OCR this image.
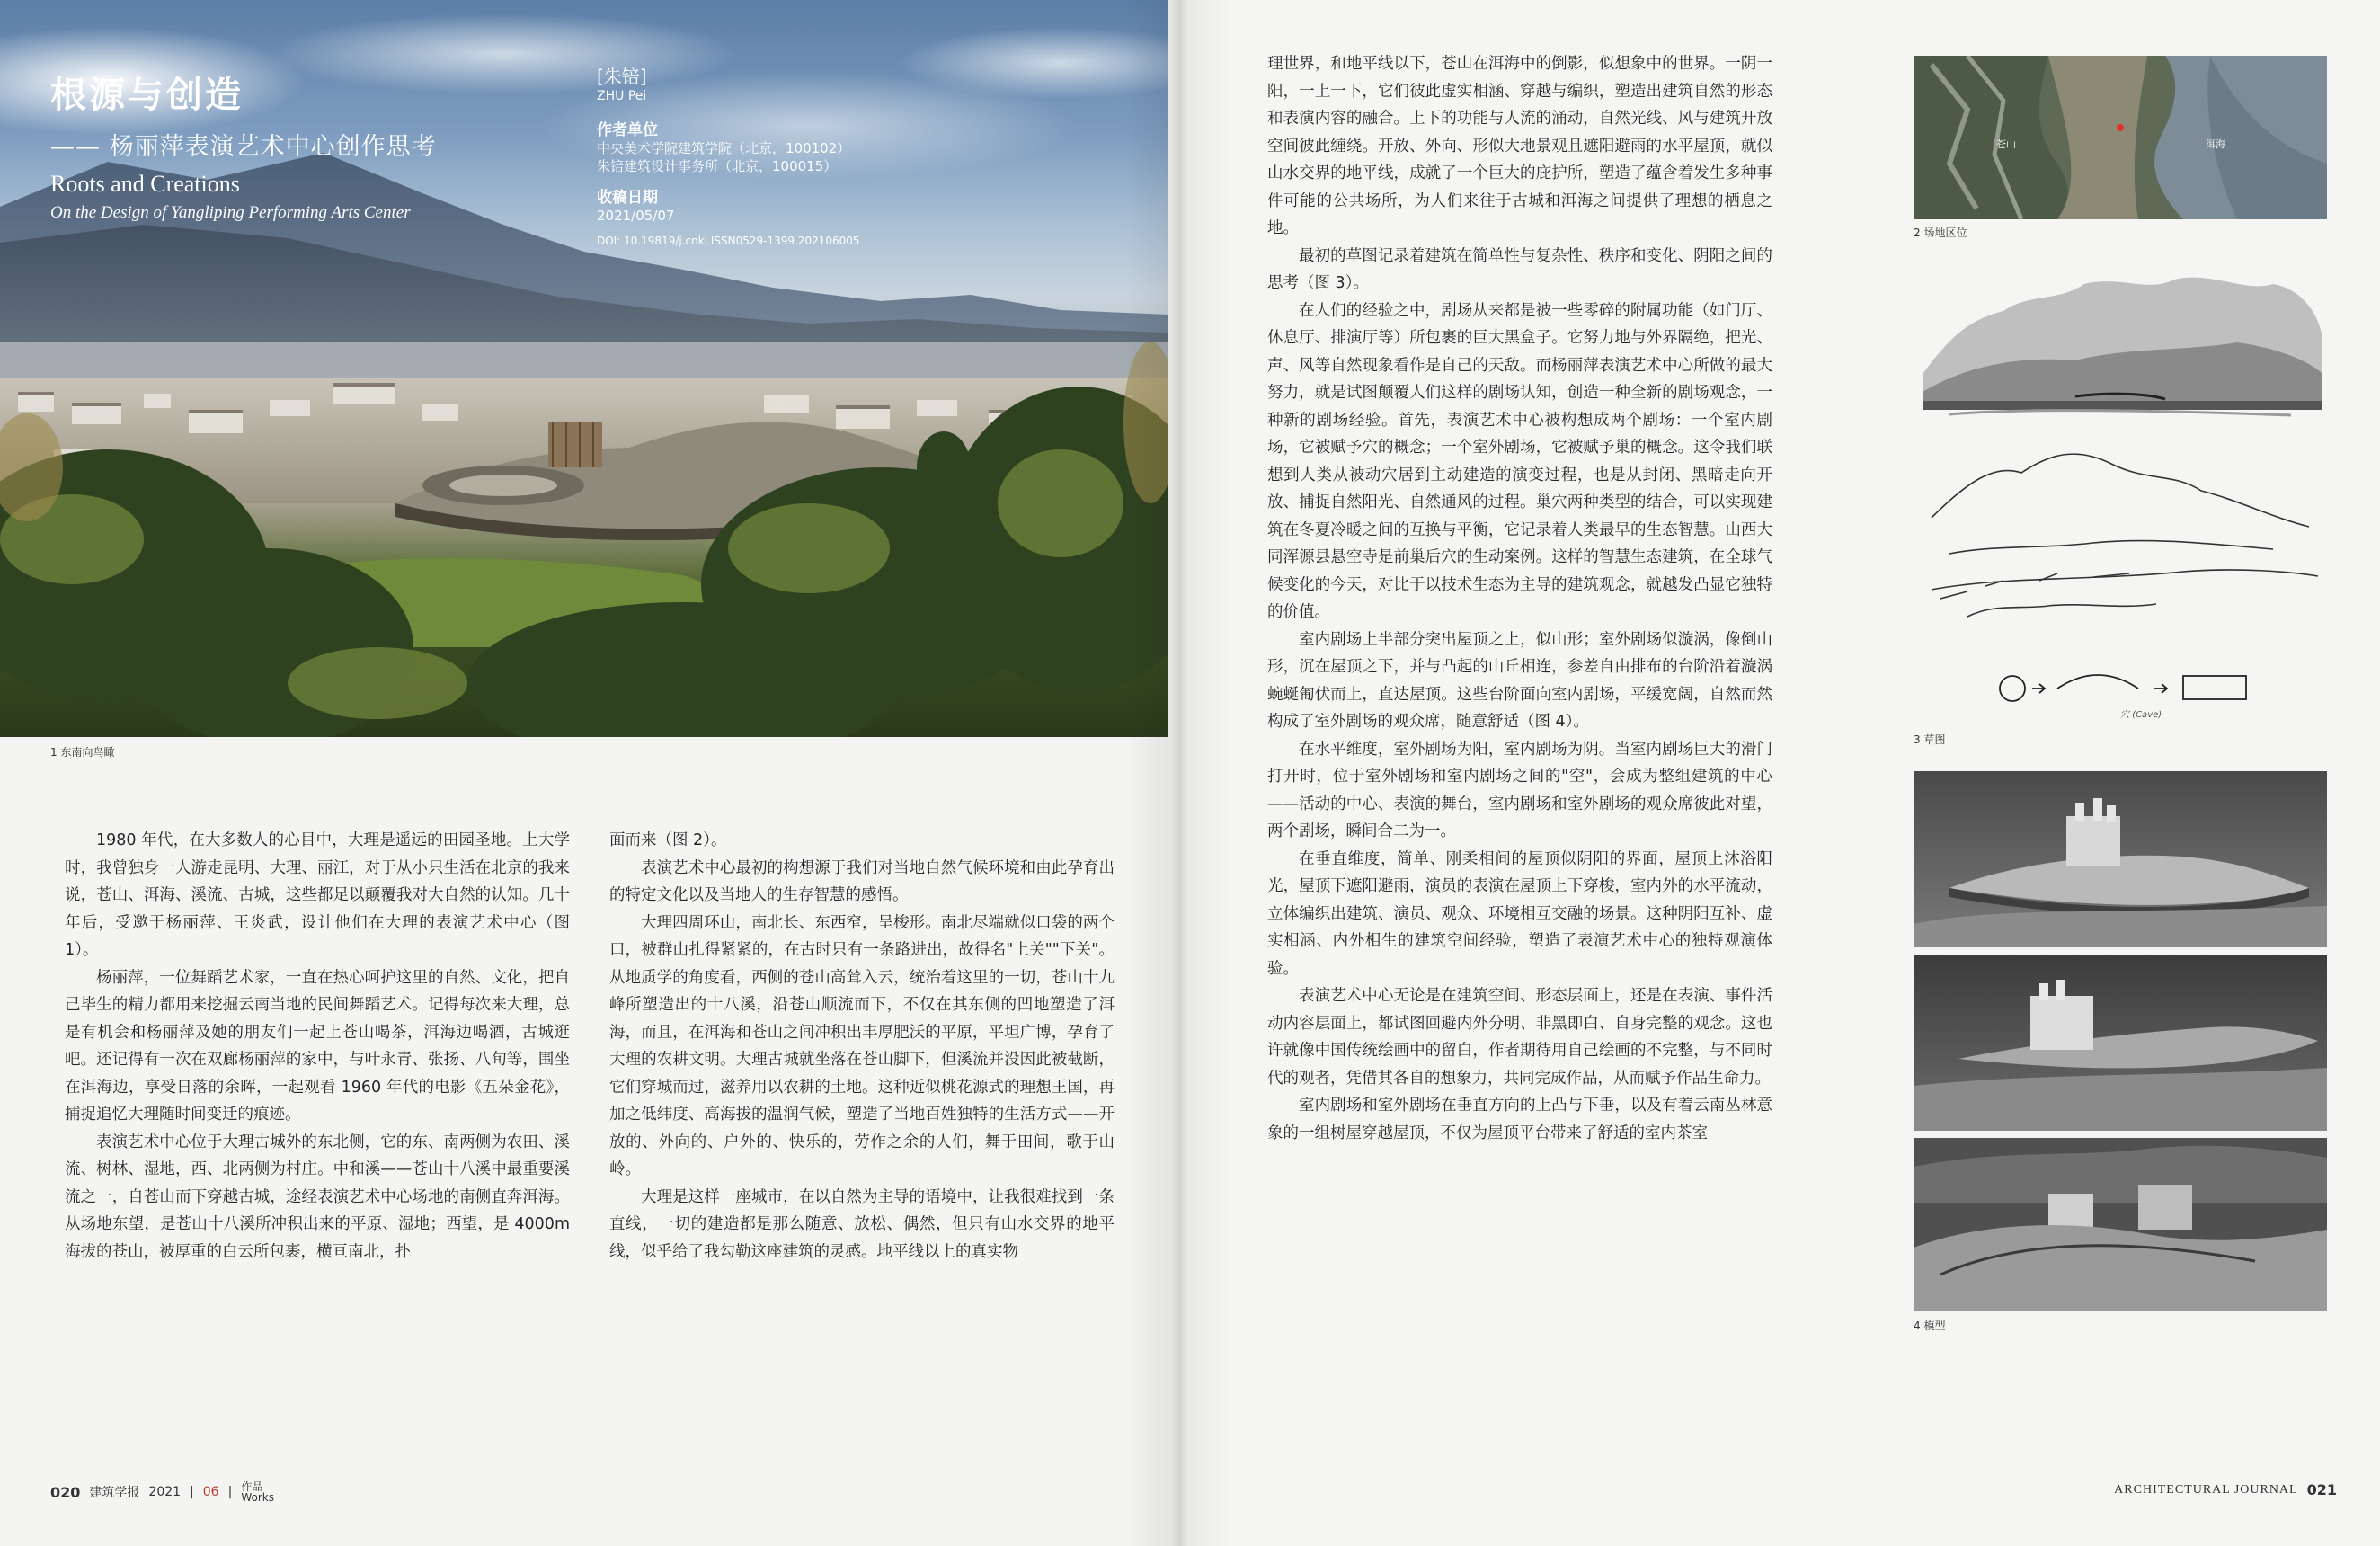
根源与创造
—— 杨丽萍表演艺术中心创作思考
Roots and Creations
On the Design of Yangliping Performing Arts Center
[朱锫]
ZHU Pei
作者单位
中央美术学院建筑学院（北京，100102）
朱锫建筑设计事务所（北京，100015）
收稿日期
2021/05/07
DOI: 10.19819/j.cnki.ISSN0529-1399.202106005
1 东南向鸟瞰

1980 年代，在大多数人的心目中，大理是遥远的田园圣地。上大学时，我曾独身一人游走昆明、大理、丽江，对于从小只生活在北京的我来说，苍山、洱海、溪流、古城，这些都足以颠覆我对大自然的认知。几十年后，受邀于杨丽萍、王炎武，设计他们在大理的表演艺术中心（图 1）。

杨丽萍，一位舞蹈艺术家，一直在热心呵护这里的自然、文化，把自己毕生的精力都用来挖掘云南当地的民间舞蹈艺术。记得每次来大理，总是有机会和杨丽萍及她的朋友们一起上苍山喝茶，洱海边喝酒，古城逛吧。还记得有一次在双廊杨丽萍的家中，与叶永青、张扬、八旬等，围坐在洱海边，享受日落的余晖，一起观看 1960 年代的电影《五朵金花》，捕捉追忆大理随时间变迁的痕迹。

表演艺术中心位于大理古城外的东北侧，它的东、南两侧为农田、溪流、树林、湿地，西、北两侧为村庄。中和溪——苍山十八溪中最重要溪流之一，自苍山而下穿越古城，途经表演艺术中心场地的南侧直奔洱海。从场地东望，是苍山十八溪所冲积出来的平原、湿地；西望，是 4000m 海拔的苍山，被厚重的白云所包裹，横亘南北，扑

面而来（图 2）。

表演艺术中心最初的构想源于我们对当地自然气候环境和由此孕育出的特定文化以及当地人的生存智慧的感悟。

大理四周环山，南北长、东西窄，呈梭形。南北尽端就似口袋的两个口，被群山扎得紧紧的，在古时只有一条路进出，故得名"上关""下关"。从地质学的角度看，西侧的苍山高耸入云，统治着这里的一切，苍山十九峰所塑造出的十八溪，沿苍山顺流而下，不仅在其东侧的凹地塑造了洱海，而且，在洱海和苍山之间冲积出丰厚肥沃的平原，平坦广博，孕育了大理的农耕文明。大理古城就坐落在苍山脚下，但溪流并没因此被截断，它们穿城而过，滋养用以农耕的土地。这种近似桃花源式的理想王国，再加之低纬度、高海拔的温润气候，塑造了当地百姓独特的生活方式——开放的、外向的、户外的、快乐的，劳作之余的人们，舞于田间，歌于山岭。

大理是这样一座城市，在以自然为主导的语境中，让我很难找到一条直线，一切的建造都是那么随意、放松、偶然，但只有山水交界的地平线，似乎给了我勾勒这座建筑的灵感。地平线以上的真实物

020 建筑学报 2021 | 06 | 作品
Works

理世界，和地平线以下，苍山在洱海中的倒影，似想象中的世界。一阴一阳，一上一下，它们彼此虚实相涵、穿越与编织，塑造出建筑自然的形态和表演内容的融合。上下的功能与人流的涌动，自然光线、风与建筑开放空间彼此缠绕。开放、外向、形似大地景观且遮阳避雨的水平屋顶，就似山水交界的地平线，成就了一个巨大的庇护所，塑造了蕴含着发生多种事件可能的公共场所，为人们来往于古城和洱海之间提供了理想的栖息之地。

最初的草图记录着建筑在简单性与复杂性、秩序和变化、阴阳之间的思考（图 3）。

在人们的经验之中，剧场从来都是被一些零碎的附属功能（如门厅、休息厅、排演厅等）所包裹的巨大黑盒子。它努力地与外界隔绝，把光、声、风等自然现象看作是自己的天敌。而杨丽萍表演艺术中心所做的最大努力，就是试图颠覆人们这样的剧场认知，创造一种全新的剧场观念，一种新的剧场经验。首先，表演艺术中心被构想成两个剧场：一个室内剧场，它被赋予穴的概念；一个室外剧场，它被赋予巢的概念。这令我们联想到人类从被动穴居到主动建造的演变过程，也是从封闭、黑暗走向开放、捕捉自然阳光、自然通风的过程。巢穴两种类型的结合，可以实现建筑在冬夏冷暖之间的互换与平衡，它记录着人类最早的生态智慧。山西大同浑源县悬空寺是前巢后穴的生动案例。这样的智慧生态建筑，在全球气候变化的今天，对比于以技术生态为主导的建筑观念，就越发凸显它独特的价值。

室内剧场上半部分突出屋顶之上，似山形；室外剧场似漩涡，像倒山形，沉在屋顶之下，并与凸起的山丘相连，参差自由排布的台阶沿着漩涡蜿蜒匍伏而上，直达屋顶。这些台阶面向室内剧场，平缓宽阔，自然而然构成了室外剧场的观众席，随意舒适（图 4）。

在水平维度，室外剧场为阳，室内剧场为阴。当室内剧场巨大的滑门打开时，位于室外剧场和室内剧场之间的"空"，会成为整组建筑的中心——活动的中心、表演的舞台，室内剧场和室外剧场的观众席彼此对望，两个剧场，瞬间合二为一。

在垂直维度，简单、刚柔相间的屋顶似阴阳的界面，屋顶上沐浴阳光，屋顶下遮阳避雨，演员的表演在屋顶上下穿梭，室内外的水平流动，立体编织出建筑、演员、观众、环境相互交融的场景。这种阴阳互补、虚实相涵、内外相生的建筑空间经验，塑造了表演艺术中心的独特观演体验。

表演艺术中心无论是在建筑空间、形态层面上，还是在表演、事件活动内容层面上，都试图回避内外分明、非黑即白、自身完整的观念。这也许就像中国传统绘画中的留白，作者期待用自己绘画的不完整，与不同时代的观者，凭借其各自的想象力，共同完成作品，从而赋予作品生命力。

室内剧场和室外剧场在垂直方向的上凸与下垂，以及有着云南丛林意象的一组树屋穿越屋顶，不仅为屋顶平台带来了舒适的室内茶室

苍山	洱海
2 场地区位
穴 (Cave)
3 草图
4 模型
ARCHITECTURAL JOURNAL 021
